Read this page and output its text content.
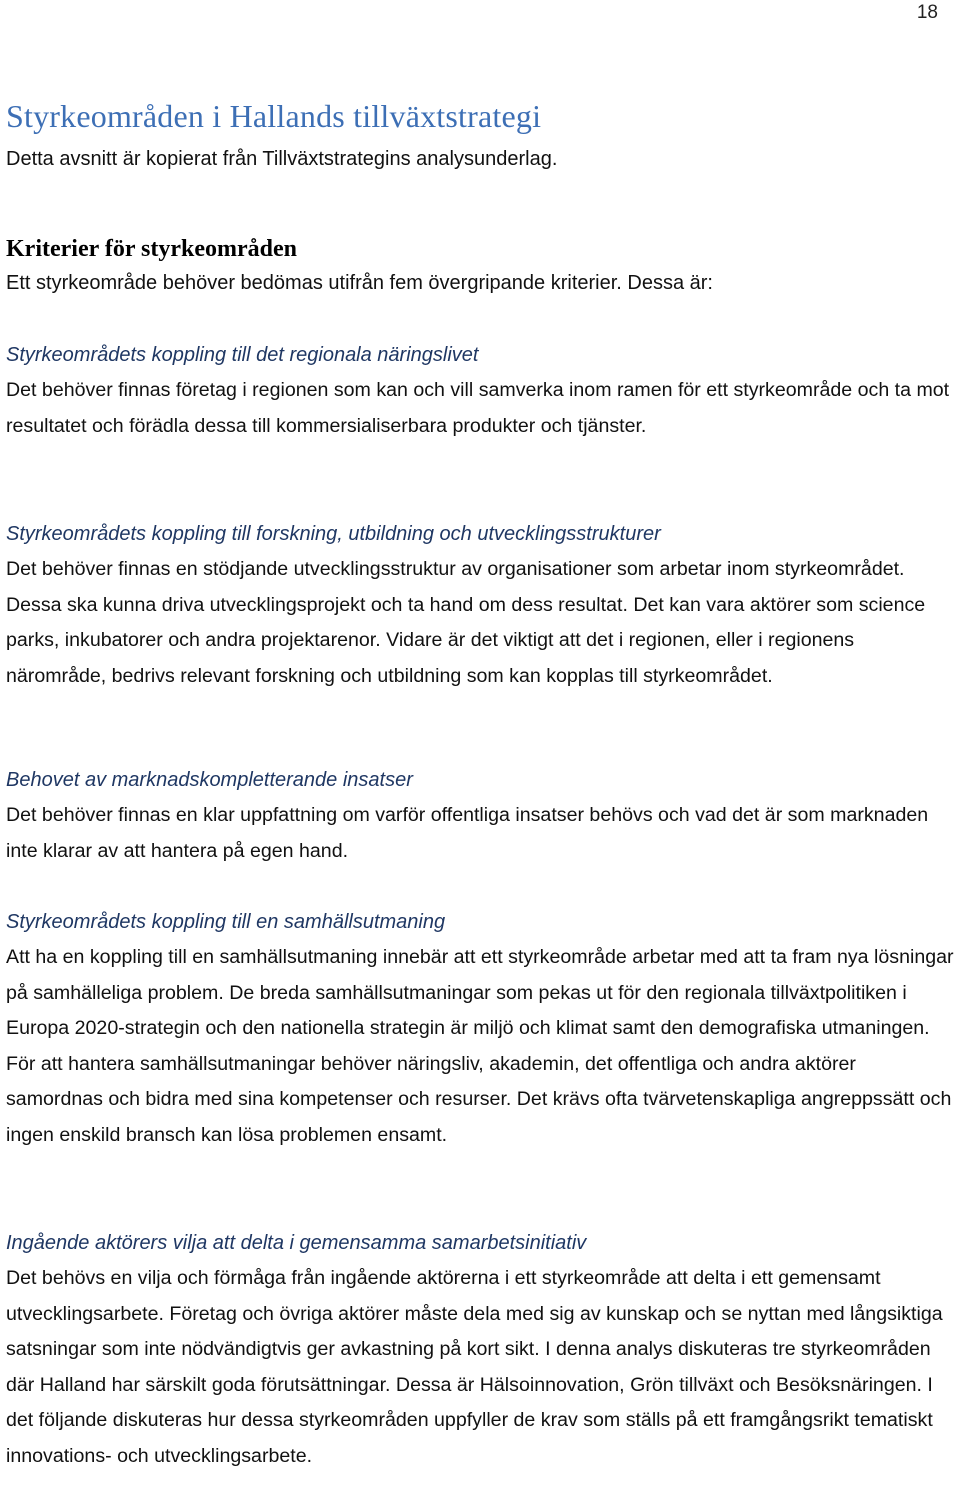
18
Styrkeområden i Hallands tillväxtstrategi

Detta avsnitt är kopierat från Tillväxtstrategins analysunderlag.

Kriterier för styrkeområden

Ett styrkeområde behöver bedömas utifrån fem övergripande kriterier. Dessa är:

Styrkeområdets koppling till det regionala näringslivet

Det behöver finnas företag i regionen som kan och vill samverka inom ramen för ett styrkeområde och ta mot resultatet och förädla dessa till kommersialiserbara produkter och tjänster.

Styrkeområdets koppling till forskning, utbildning och utvecklingsstrukturer

Det behöver finnas en stödjande utvecklingsstruktur av organisationer som arbetar inom styrkeområdet. Dessa ska kunna driva utvecklingsprojekt och ta hand om dess resultat. Det kan vara aktörer som science parks, inkubatorer och andra projektarenor. Vidare är det viktigt att det i regionen, eller i regionens närområde, bedrivs relevant forskning och utbildning som kan kopplas till styrkeområdet.

Behovet av marknadskompletterande insatser

Det behöver finnas en klar uppfattning om varför offentliga insatser behövs och vad det är som marknaden inte klarar av att hantera på egen hand.

Styrkeområdets koppling till en samhällsutmaning

Att ha en koppling till en samhällsutmaning innebär att ett styrkeområde arbetar med att ta fram nya lösningar på samhälleliga problem. De breda samhällsutmaningar som pekas ut för den regionala tillväxtpolitiken i Europa 2020-strategin och den nationella strategin är miljö och klimat samt den demografiska utmaningen. För att hantera samhällsutmaningar behöver näringsliv, akademin, det offentliga och andra aktörer samordnas och bidra med sina kompetenser och resurser. Det krävs ofta tvärvetenskapliga angreppssätt och ingen enskild bransch kan lösa problemen ensamt.

Ingående aktörers vilja att delta i gemensamma samarbetsinitiativ

Det behövs en vilja och förmåga från ingående aktörerna i ett styrkeområde att delta i ett gemensamt utvecklingsarbete. Företag och övriga aktörer måste dela med sig av kunskap och se nyttan med långsiktiga satsningar som inte nödvändigtvis ger avkastning på kort sikt. I denna analys diskuteras tre styrkeområden där Halland har särskilt goda förutsättningar. Dessa är Hälsoinnovation, Grön tillväxt och Besöksnäringen. I det följande diskuteras hur dessa styrkeområden uppfyller de krav som ställs på ett framgångsrikt tematiskt innovations- och utvecklingsarbete.
